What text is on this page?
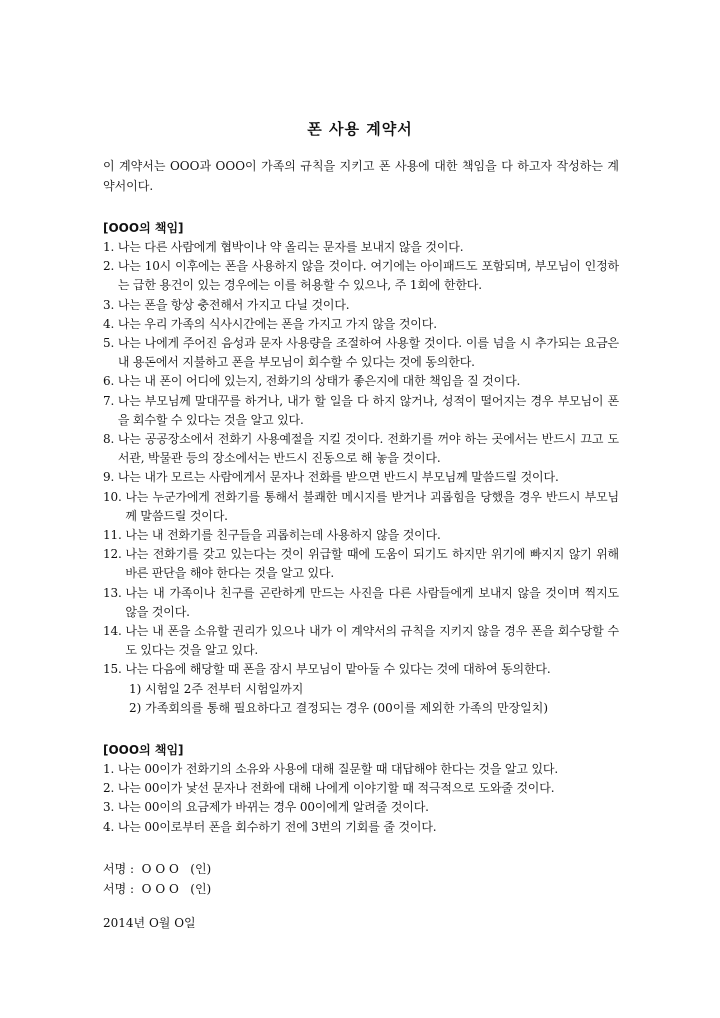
폰 사용 계약서

이 계약서는 OOO과 OOO이 가족의 규칙을 지키고 폰 사용에 대한 책임을 다 하고자 작성하는 계약서이다.

[OOO의 책임]
1.
나는 다른 사람에게 협박이나 약 올리는 문자를 보내지 않을 것이다.
2.
나는 10시 이후에는 폰을 사용하지 않을 것이다. 여기에는 아이패드도 포함되며, 부모님이 인정하는 급한 용건이 있는 경우에는 이를 허용할 수 있으나, 주 1회에 한한다.
3.
나는 폰을 항상 충전해서 가지고 다닐 것이다.
4.
나는 우리 가족의 식사시간에는 폰을 가지고 가지 않을 것이다.
5.
나는 나에게 주어진 음성과 문자 사용량을 조절하여 사용할 것이다. 이를 넘을 시 추가되는 요금은 내 용돈에서 지불하고 폰을 부모님이 회수할 수 있다는 것에 동의한다.
6.
나는 내 폰이 어디에 있는지, 전화기의 상태가 좋은지에 대한 책임을 질 것이다.
7.
나는 부모님께 말대꾸를 하거나, 내가 할 일을 다 하지 않거나, 성적이 떨어지는 경우 부모님이 폰을 회수할 수 있다는 것을 알고 있다.
8.
나는 공공장소에서 전화기 사용예절을 지킬 것이다. 전화기를 꺼야 하는 곳에서는 반드시 끄고 도서관, 박물관 등의 장소에서는 반드시 진동으로 해 놓을 것이다.
9.
나는 내가 모르는 사람에게서 문자나 전화를 받으면 반드시 부모님께 말씀드릴 것이다.
10.
나는 누군가에게 전화기를 통해서 불쾌한 메시지를 받거나 괴롭힘을 당했을 경우 반드시 부모님께 말씀드릴 것이다.
11.
나는 내 전화기를 친구들을 괴롭히는데 사용하지 않을 것이다.
12.
나는 전화기를 갖고 있는다는 것이 위급할 때에 도움이 되기도 하지만 위기에 빠지지 않기 위해 바른 판단을 해야 한다는 것을 알고 있다.
13.
나는 내 가족이나 친구를 곤란하게 만드는 사진을 다른 사람들에게 보내지 않을 것이며 찍지도 않을 것이다.
14.
나는 내 폰을 소유할 권리가 있으나 내가 이 계약서의 규칙을 지키지 않을 경우 폰을 회수당할 수도 있다는 것을 알고 있다.
15.
나는 다음에 해당할 때 폰을 잠시 부모님이 맡아둘 수 있다는 것에 대하여 동의한다.
1) 시험일 2주 전부터 시험일까지
2) 가족회의를 통해 필요하다고 결정되는 경우 (00이를 제외한 가족의 만장일치)
[OOO의 책임]
1.
나는 00이가 전화기의 소유와 사용에 대해 질문할 때 대답해야 한다는 것을 알고 있다.
2.
나는 00이가 낯선 문자나 전화에 대해 나에게 이야기할 때 적극적으로 도와줄 것이다.
3.
나는 00이의 요금제가 바뀌는 경우 00이에게 알려줄 것이다.
4.
나는 00이로부터 폰을 회수하기 전에 3번의 기회를 줄 것이다.
서명 :  O O O   (인)
서명 :  O O O   (인)
2014년 O월 O일
